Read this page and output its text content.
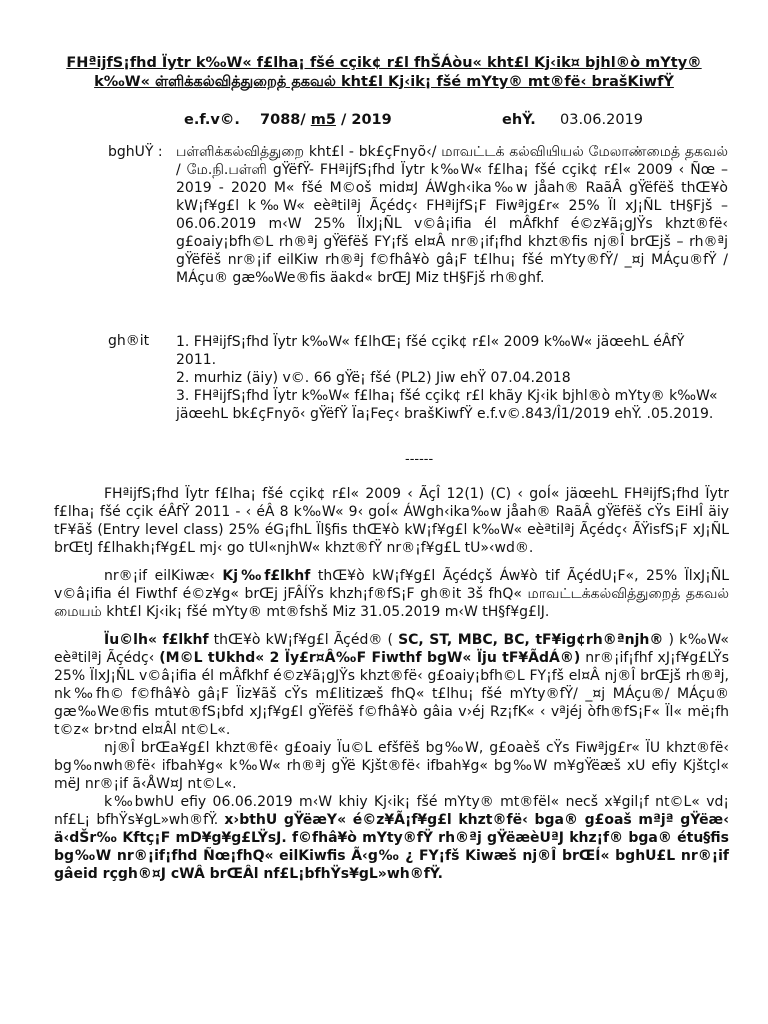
FHªijfS¡fhd Ïytr k‰W« f£lha¡ fšé cçik¢ r£l fhŠÁòu« kht£l Kj‹ik¤ bjhl®ò mYty® k‰W« ள்ளிக்கல்வித்துறைத் தகவல் kht£l Kj‹ik¡ fšé mYty® mt®fë‹ brašKiwfŸ
e.f.v©. 7088/ m5 / 2019	ehŸ. 03.06.2019
bghUŸ : பள்ளிக்கல்வித்துறை kht£l - bk£çFnyõ‹/ மாவட்டக் கல்வியியல் மேலாண்மைத் தகவல் / மே.நி.பள்ளி gŸëfŸ- FHªijfS¡fhd Ïytr k‰W« f£lha¡ fšé cçik¢ r£l« 2009 ‹ Ñœ – 2019 - 2020 M« fšé M©oš mid¤J ÁWgh‹ika‰w jåah® RaãÂ gŸëfëš thŒ¥ò kW¡f¥g£l k‰W« eèªtilªj Ãçédç‹ FHªijfS¡F Fiwªjg£r« 25% Ïl xJ¡ÑL tH§Fjš – 06.06.2019 m‹W 25% ÏlxJ¡ÑL v©â¡ifia él mÂfkhf é©z¥ã¡gJŸs khzt®fë‹ g£oaiy¡bfh©L rh®ªj gŸëfëš FY¡fš el¤Â nr®¡if¡fhd khzt®fis nj®Î brŒjš – rh®ªj gŸëfëš nr®¡if eilKiw rh®ªj f©fhâ¥ò gâ¡F t£lhu¡ fšé mYty®fŸ/ _¤j MÁçu®fŸ / MÁçu® gæ‰We®fis äakd« brŒJ Miz tH§Fjš rh®ghf.
gh®it 1. FHªijfS¡fhd Ïytr k‰W« f£lhŒ¡ fšé cçik¢ r£l« 2009 k‰W« jäœehL éÂfŸ 2011.

2. murhiz (äiy) v©. 66 gŸë¡ fšé (PL2) Jiw ehŸ 07.04.2018

3. FHªijfS¡fhd Ïytr k‰W« f£lha¡ fšé cçik¢ r£l khãy Kj‹ik bjhl®ò mYty® k‰W« jäœehL bk£çFnyõ‹ gŸëfŸ Ïa¡Feç‹ brašKiwfŸ e.f.v©.843/Î1/2019 ehŸ. .05.2019.

------

FHªijfS¡fhd Ïytr f£lha¡ fšé cçik¢ r£l« 2009 ‹ ÃçÎ 12(1) (C) ‹ goÍ« jäœehL FHªijfS¡fhd Ïytr f£lha¡ fšé cçik éÂfŸ 2011 - ‹ éÂ 8 k‰W« 9‹ goÍ« ÁWgh‹ika‰w jåah® RaãÂ gŸëfëš cŸs EiHÎ äiy tF¥ãš (Entry level class) 25% éG¡fhL Ïl§fis thŒ¥ò kW¡f¥g£l k‰W« eèªtilªj Ãçédç‹ ÃŸisfS¡F xJ¡ÑL brŒtJ f£lhakh¡f¥g£L mj‹ go tUl«njhW« khzt®fŸ nr®¡f¥g£L tU»‹wd®.

nr®¡if eilKiwæ‹ Kj‰f£lkhf thŒ¥ò kW¡f¥g£l Ãçédçš Áw¥ò tif ÃçédU¡F«, 25% ÏlxJ¡ÑL v©â¡ifia él Fiwthf é©z¥g« brŒj jFÂÍŸs khzh¡f®fS¡F gh®it 3š fhQ« மாவட்டக்கல்வித்துறைத் தகவல் மையம் kht£l Kj‹ik¡ fšé mYty® mt®fshš Miz 31.05.2019 m‹W tH§f¥g£lJ.

Ïu©lh« f£lkhf thŒ¥ò kW¡f¥g£l Ãçéd® ( SC, ST, MBC, BC, tF¥ig¢rh®ªnjh® ) k‰W« eèªtilªj Ãçédç‹ (M©L tUkhd« 2 Ïy£r¤Â‰F Fiwthf bgW« Ïju tF¥ÃdÁ®) nr®¡if¡fhf xJ¡f¥g£LŸs 25% ÏlxJ¡ÑL v©â¡ifia él mÂfkhf é©z¥ã¡gJŸs khzt®fë‹ g£oaiy¡bfh©L FY¡fš el¤Â nj®Î brŒjš rh®ªj, nk‰fh© f©fhâ¥ò gâ¡F Ïiz¥ãš cŸs m£litizæš fhQ« t£lhu¡ fšé mYty®fŸ/ _¤j MÁçu®/ MÁçu® gæ‰We®fis mtut®fS¡bfd xJ¡f¥g£l gŸëfëš f©fhâ¥ò gâia v›éj Rz¡fK« ‹ vªjéj òfh®fS¡F« Ïl« më¡fh t©z« br›tnd el¤Âl nt©L«.

nj®Î brŒa¥g£l khzt®fë‹ g£oaiy Ïu©L efšfëš bg‰W, g£oaèš cŸs Fiwªjg£r« ÏU khzt®fë‹ bg‰nwh®fë‹ ifbah¥g« k‰W« rh®ªj gŸë Kjšt®fë‹ ifbah¥g« bg‰W m¥gŸëæš xU efiy Kjštçl« mëJ nr®¡if ã‹ÅW¤J nt©L«.

k‰bwhU efiy 06.06.2019 m‹W khiy Kj‹ik¡ fšé mYty® mt®fël« necš x¥gil¡f nt©L« vd¡ nf£L¡ bfhŸs¥gL»wh®fŸ. x›bthU gŸëæY« é©z¥Ã¡f¥g£l khzt®fë‹ bga® g£oaš mªjª gŸëæ‹ ä‹dŠr‰ Kftç¡F mD¥g¥g£LŸsJ. f©fhâ¥ò mYty®fŸ rh®ªj gŸëæèUªJ khz¡f® bga® étu§fis bg‰W nr®¡if¡fhd Ñœ¡fhQ« eilKiwfis Ã‹g‰ ¿ FY¡fš Kiwæš nj®Î brŒÍ« bghU£L nr®¡if gâeid rçgh®¤J cWÂ brŒÂl nf£L¡bfhŸs¥gL»wh®fŸ.
